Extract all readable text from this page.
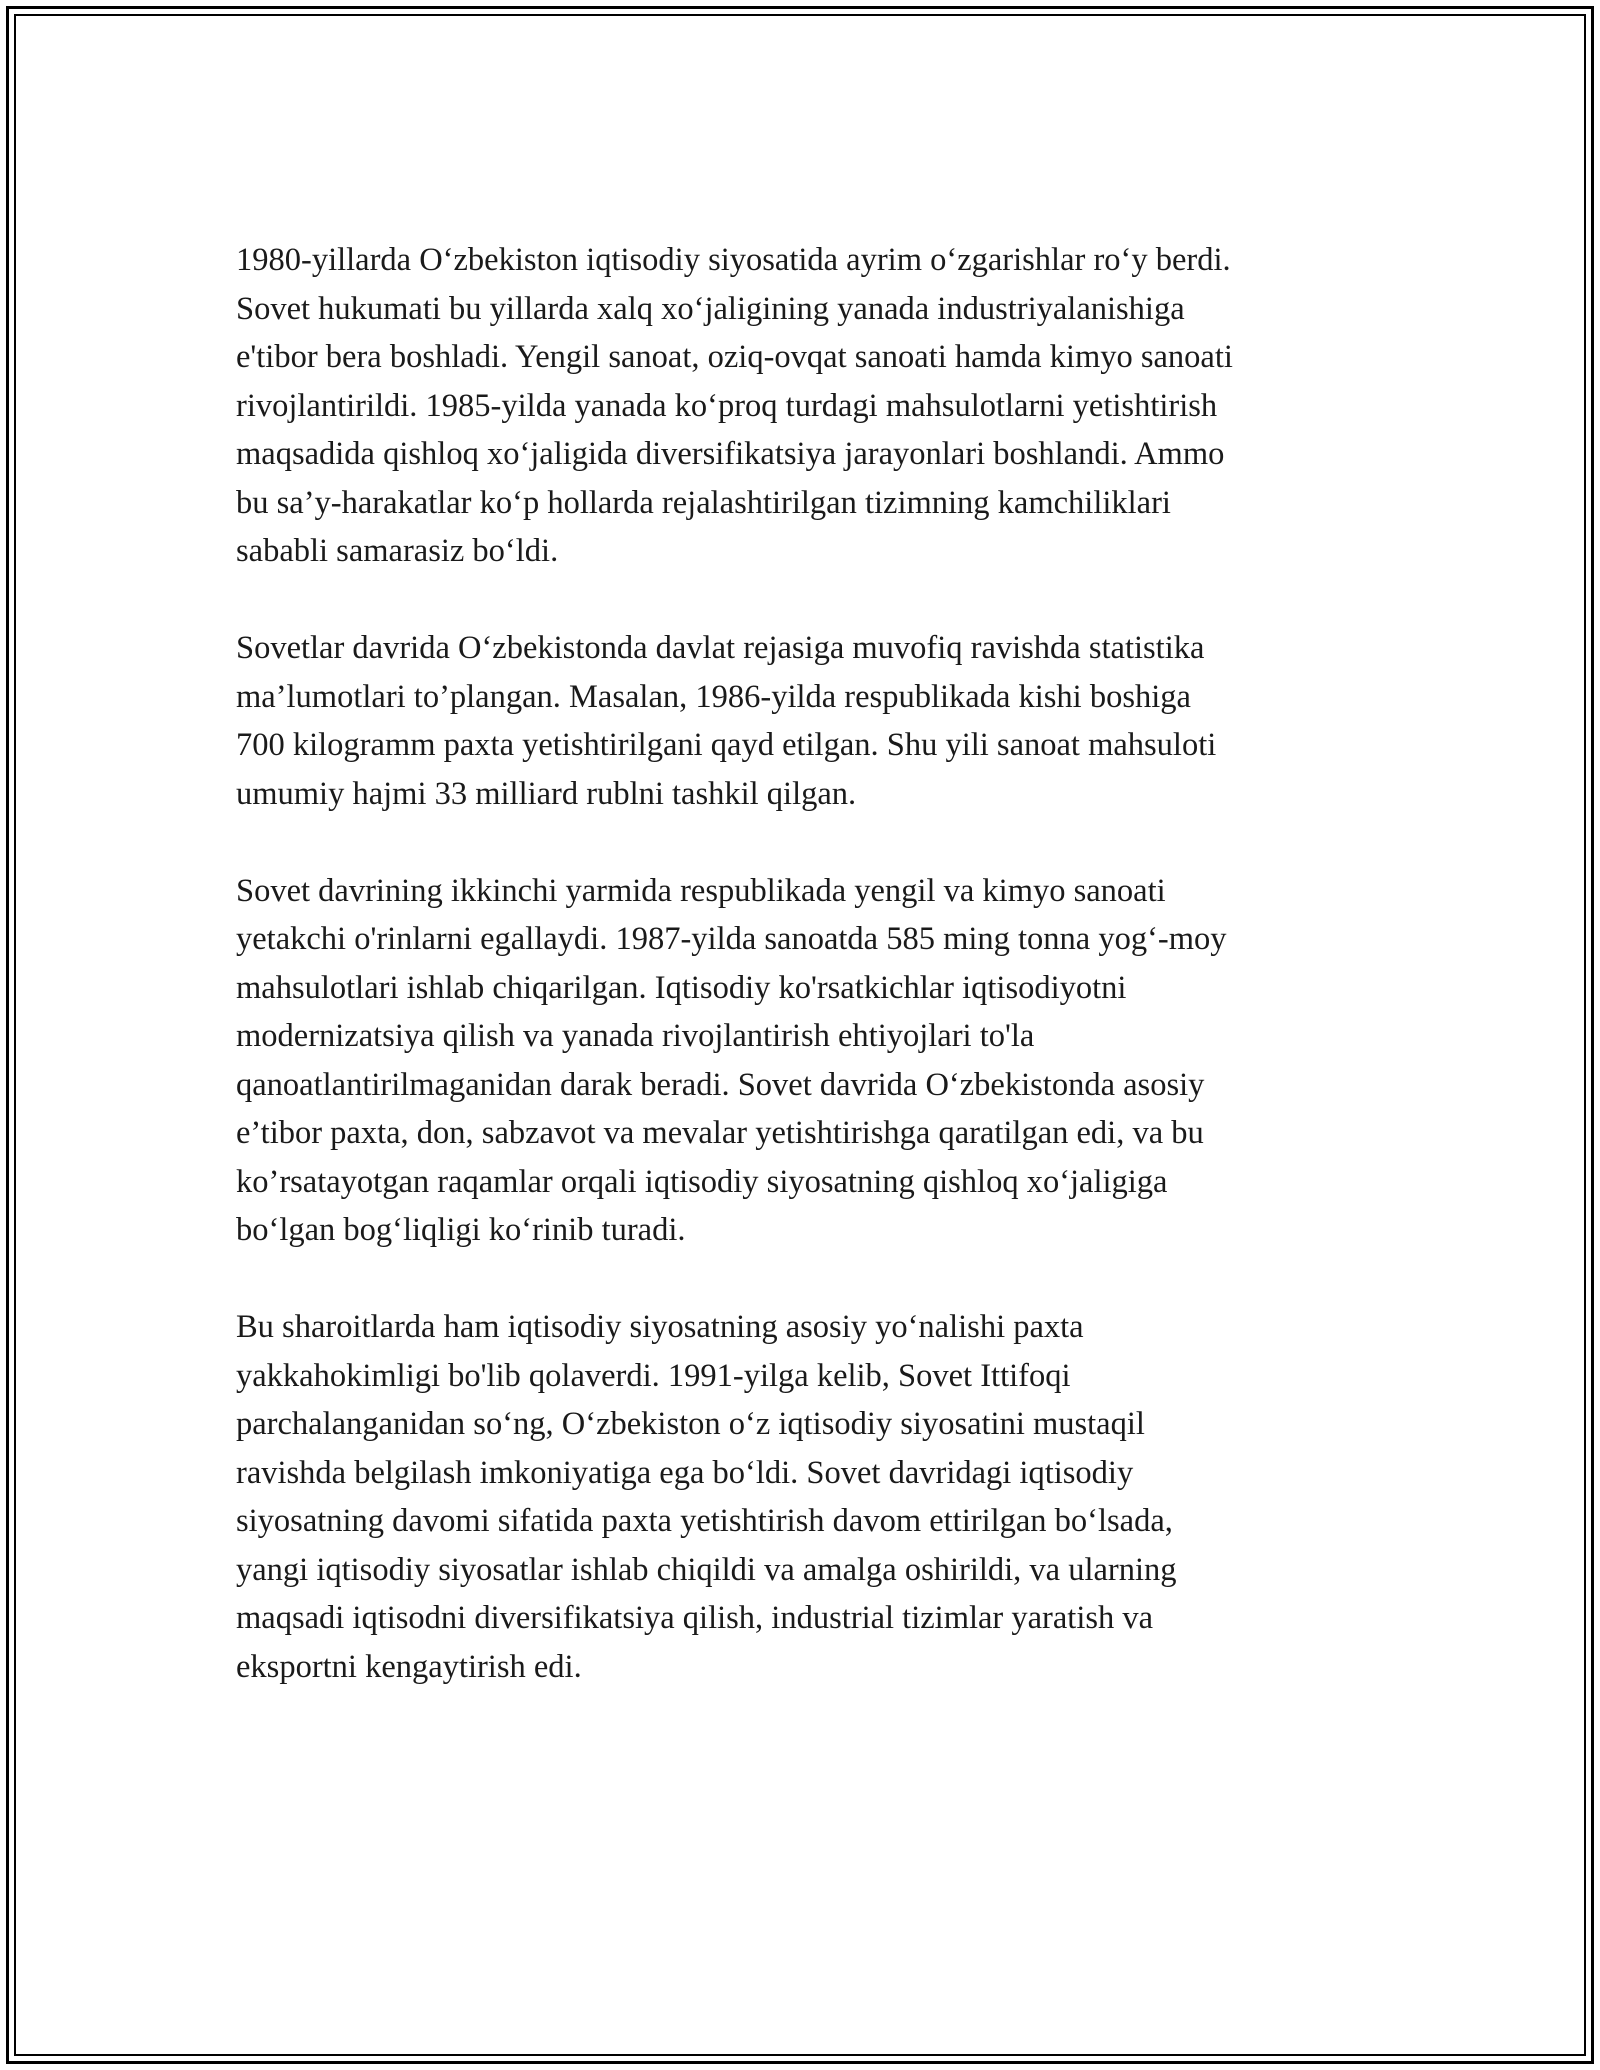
1980-yillarda O‘zbekiston iqtisodiy siyosatida ayrim o‘zgarishlar ro‘y berdi.
Sovet hukumati bu yillarda xalq xo‘jaligining yanada industriyalanishiga
e'tibor bera boshladi. Yengil sanoat, oziq-ovqat sanoati hamda kimyo sanoati
rivojlantirildi. 1985-yilda yanada ko‘proq turdagi mahsulotlarni yetishtirish
maqsadida qishloq xo‘jaligida diversifikatsiya jarayonlari boshlandi. Ammo
bu sa’y-harakatlar ko‘p hollarda rejalashtirilgan tizimning kamchiliklari
sababli samarasiz bo‘ldi.

Sovetlar davrida O‘zbekistonda davlat rejasiga muvofiq ravishda statistika
ma’lumotlari to’plangan. Masalan, 1986-yilda respublikada kishi boshiga
700 kilogramm paxta yetishtirilgani qayd etilgan. Shu yili sanoat mahsuloti
umumiy hajmi 33 milliard rublni tashkil qilgan.

Sovet davrining ikkinchi yarmida respublikada yengil va kimyo sanoati
yetakchi o'rinlarni egallaydi. 1987-yilda sanoatda 585 ming tonna yog‘-moy
mahsulotlari ishlab chiqarilgan. Iqtisodiy ko'rsatkichlar iqtisodiyotni
modernizatsiya qilish va yanada rivojlantirish ehtiyojlari to'la
qanoatlantirilmaganidan darak beradi. Sovet davrida O‘zbekistonda asosiy
e’tibor paxta, don, sabzavot va mevalar yetishtirishga qaratilgan edi, va bu
ko’rsatayotgan raqamlar orqali iqtisodiy siyosatning qishloq xo‘jaligiga
bo‘lgan bog‘liqligi ko‘rinib turadi.

Bu sharoitlarda ham iqtisodiy siyosatning asosiy yo‘nalishi paxta
yakkahokimligi bo'lib qolaverdi. 1991-yilga kelib, Sovet Ittifoqi
parchalanganidan so‘ng, O‘zbekiston o‘z iqtisodiy siyosatini mustaqil
ravishda belgilash imkoniyatiga ega bo‘ldi. Sovet davridagi iqtisodiy
siyosatning davomi sifatida paxta yetishtirish davom ettirilgan bo‘lsada,
yangi iqtisodiy siyosatlar ishlab chiqildi va amalga oshirildi, va ularning
maqsadi iqtisodni diversifikatsiya qilish, industrial tizimlar yaratish va
eksportni kengaytirish edi.
